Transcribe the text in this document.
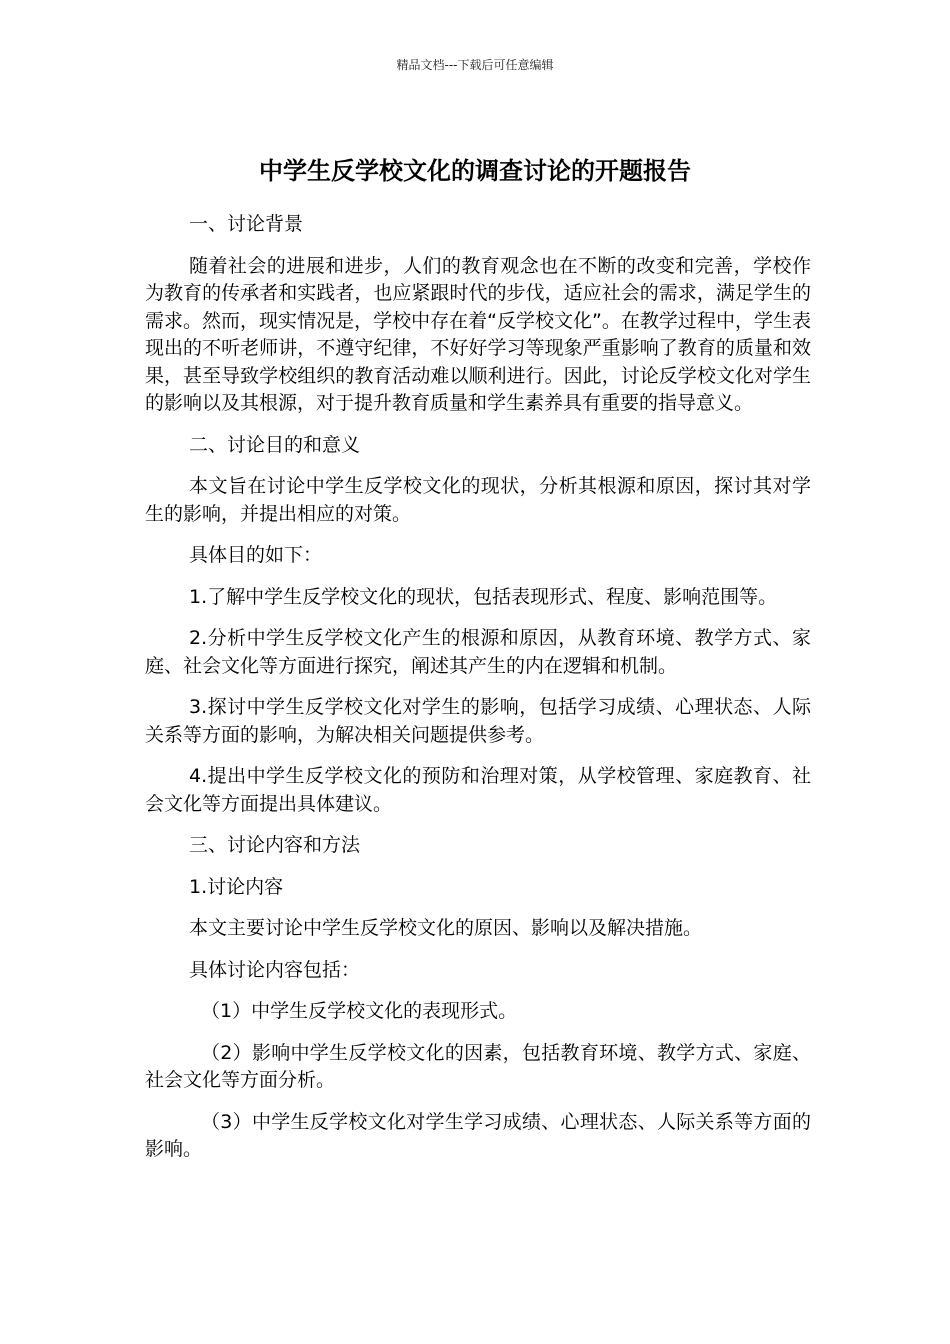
精品文档---下载后可任意编辑
中学生反学校文化的调查讨论的开题报告

一、讨论背景

随着社会的进展和进步，人们的教育观念也在不断的改变和完善，学校作为教育的传承者和实践者，也应紧跟时代的步伐，适应社会的需求，满足学生的需求。然而，现实情况是，学校中存在着“反学校文化”。在教学过程中，学生表现出的不听老师讲，不遵守纪律，不好好学习等现象严重影响了教育的质量和效果，甚至导致学校组织的教育活动难以顺利进行。因此，讨论反学校文化对学生的影响以及其根源，对于提升教育质量和学生素养具有重要的指导意义。

二、讨论目的和意义

本文旨在讨论中学生反学校文化的现状，分析其根源和原因，探讨其对学生的影响，并提出相应的对策。

具体目的如下：

1.了解中学生反学校文化的现状，包括表现形式、程度、影响范围等。

2.分析中学生反学校文化产生的根源和原因，从教育环境、教学方式、家庭、社会文化等方面进行探究，阐述其产生的内在逻辑和机制。

3.探讨中学生反学校文化对学生的影响，包括学习成绩、心理状态、人际关系等方面的影响，为解决相关问题提供参考。

4.提出中学生反学校文化的预防和治理对策，从学校管理、家庭教育、社会文化等方面提出具体建议。

三、讨论内容和方法

1.讨论内容

本文主要讨论中学生反学校文化的原因、影响以及解决措施。

具体讨论内容包括：

（1）中学生反学校文化的表现形式。

（2）影响中学生反学校文化的因素，包括教育环境、教学方式、家庭、社会文化等方面分析。

（3）中学生反学校文化对学生学习成绩、心理状态、人际关系等方面的影响。
